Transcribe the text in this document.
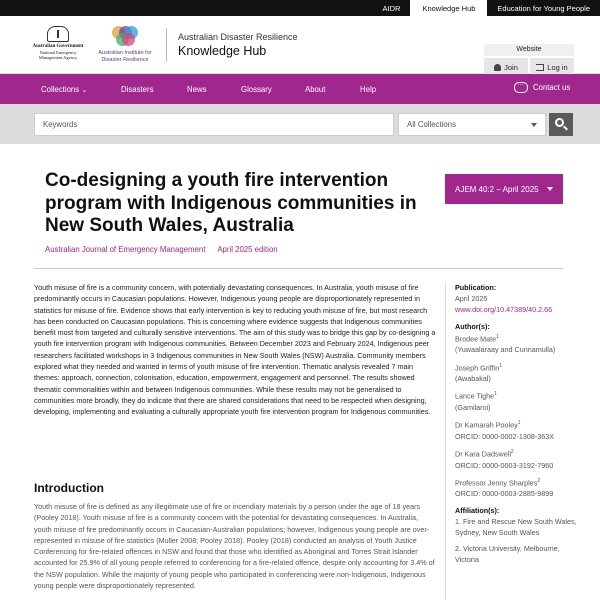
AIDR	Knowledge Hub	Education for Young People
Australian Government
National Emergency Management Agency
Australian Institute for
Disaster Resilience
Australian Disaster Resilience
Knowledge Hub	Website
Join	Log in
Collections ⌄	Disasters	News	Glossary	About	Help
…	Contact us
Keywords	All Collections
Co-designing a youth fire intervention program with Indigenous communities in New South Wales, Australia
Australian Journal of Emergency Management April 2025 edition
AJEM 40:2 – April 2025

Youth misuse of fire is a community concern, with potentially devastating consequences. In Australia, youth misuse of fire predominantly occurs in Caucasian populations. However, Indigenous young people are disproportionately represented in statistics for misuse of fire. Evidence shows that early intervention is key to reducing youth misuse of fire, but most research has been conducted on Caucasian populations. This is concerning where evidence suggests that Indigenous communities benefit most from targeted and culturally sensitive interventions. The aim of this study was to bridge this gap by co-designing a youth fire intervention program with Indigenous communities. Between December 2023 and February 2024, Indigenous peer researchers facilitated workshops in 3 Indigenous communities in New South Wales (NSW) Australia. Community members explored what they needed and wanted in terms of youth misuse of fire intervention. Thematic analysis revealed 7 main themes: approach, connection, colonisation, education, empowerment, engagement and personnel. The results showed thematic commonalities within and between Indigenous communities. While these results may not be generalised to communities more broadly, they do indicate that there are shared considerations that need to be respected when designing, developing, implementing and evaluating a culturally appropriate youth fire intervention program for Indigenous communities.

Introduction

Youth misuse of fire is defined as any illegitimate use of fire or incendiary materials by a person under the age of 18 years (Pooley 2018). Youth misuse of fire is a community concern with the potential for devastating consequences. In Australia, youth misuse of fire predominantly occurs in Caucasian-Australian populations; however, Indigenous young people are over-represented in misuse of fire statistics (Muller 2008; Pooley 2018). Pooley (2018) conducted an analysis of Youth Justice Conferencing for fire-related offences in NSW and found that those who identified as Aboriginal and Torres Strait Islander accounted for 25.9% of all young people referred to conferencing for a fire-related offence, despite only accounting for 3.4% of the NSW population. While the majority of young people who participated in conferencing were non-Indigenous, Indigenous young people were disproportionately represented.

Publication:
April 2025
www.doi.org/10.47389/40.2.66
Author(s):
Brodee Mate$^1$
(Yuwaalaraay and Cunnamulla)
Joseph Griffin$^1$
(Awabakal)
Lance Tighe$^1$
(Gamilaroi)
Dr Kamarah Pooley$^1$
ORCID: 0000-0002-1308-363X
Dr Kara Dadswell$^2$
ORCID: 0000-0003-3192-7960
Professor Jenny Sharples$^2$
ORCID: 0000-0003-2885-9899
Affiliation(s):
1. Fire and Rescue New South Wales, Sydney, New South Wales
2. Victoria University, Melbourne, Victoria
